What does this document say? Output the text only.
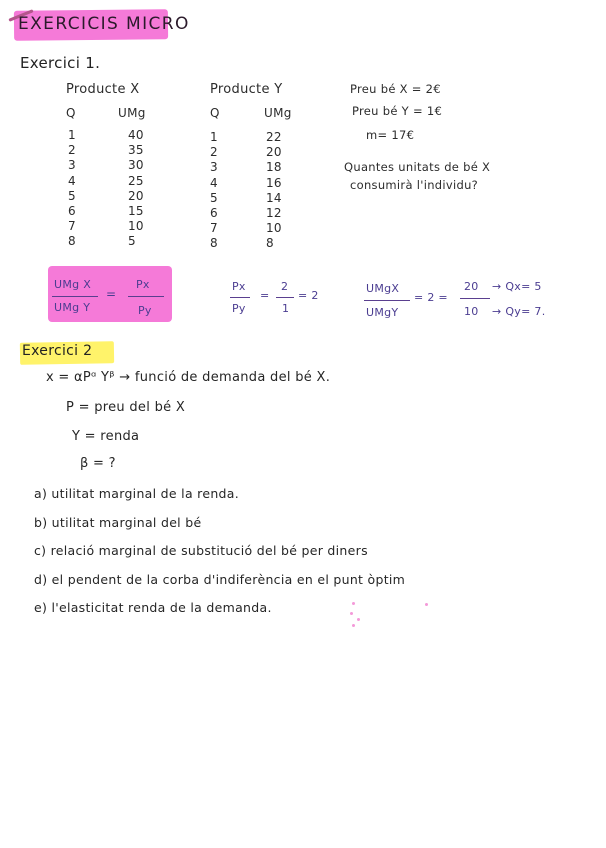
EXERCICIS MICRO
Exercici 1.
Producte X
Q	UMg
1
2
3
4
5
6
7
8
40
35
30
25
20
15
10
5
Producte Y
Q	UMg
1
2
3
4
5
6
7
8
22
20
18
16
14
12
10
8
Preu bé X = 2€
Preu bé Y = 1€
m= 17€
Quantes unitats de bé X
consumirà l'individu?
UMg X
UMg Y
=
Px
Py
Px
Py
=
2
1
= 2
UMgX
UMgY
= 2 =
20
10
→ Qx= 5
→ Qy= 7.
Exercici 2
x = αPᵅ Yᵝ → funció de demanda del bé X.
P = preu del bé X
Y = renda
β = ?
a) utilitat marginal de la renda.
b) utilitat marginal del bé
c) relació marginal de substitució del bé per diners
d) el pendent de la corba d'indiferència en el punt òptim
e) l'elasticitat renda de la demanda.
